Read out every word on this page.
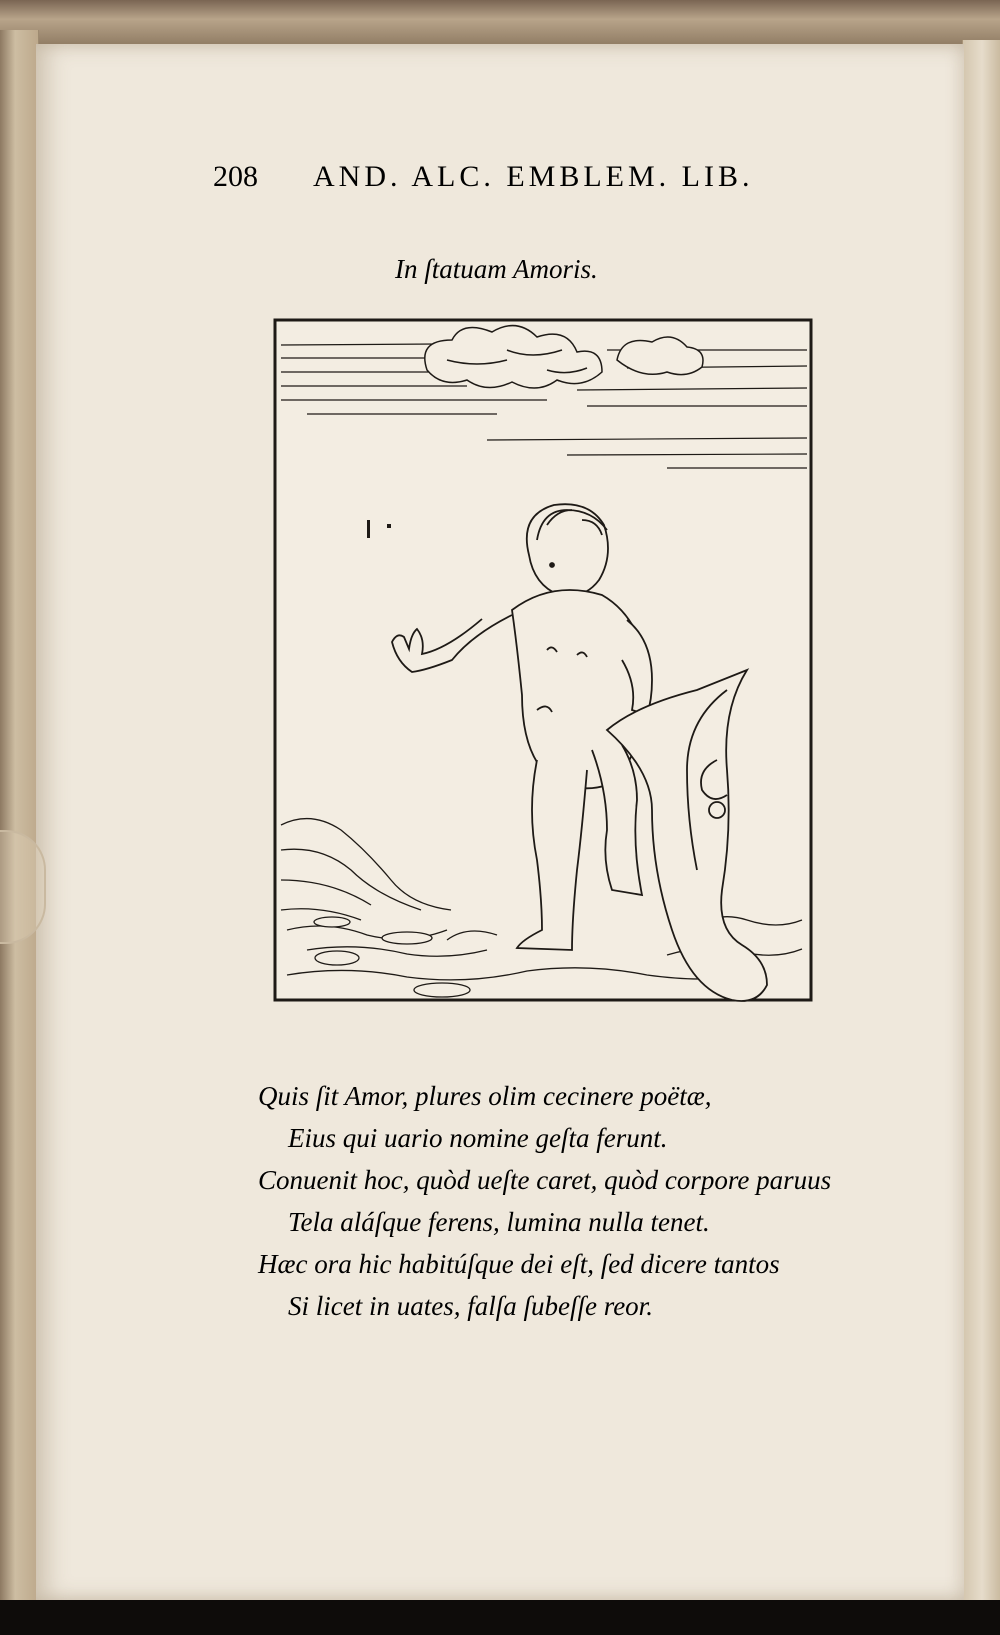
208 AND. ALC. EMBLEM. LIB.
In ſtatuam Amoris.
Quis ſit Amor, plures olim cecinere poëtæ,
Eius qui uario nomine geſta ferunt.
Conuenit hoc, quòd ueſte caret, quòd corpore paruus
Tela aláſque ferens, lumina nulla tenet.
Hæc ora hic habitúſque dei eſt, ſed dicere tantos
Si licet in uates, falſa ſubeſſe reor.
